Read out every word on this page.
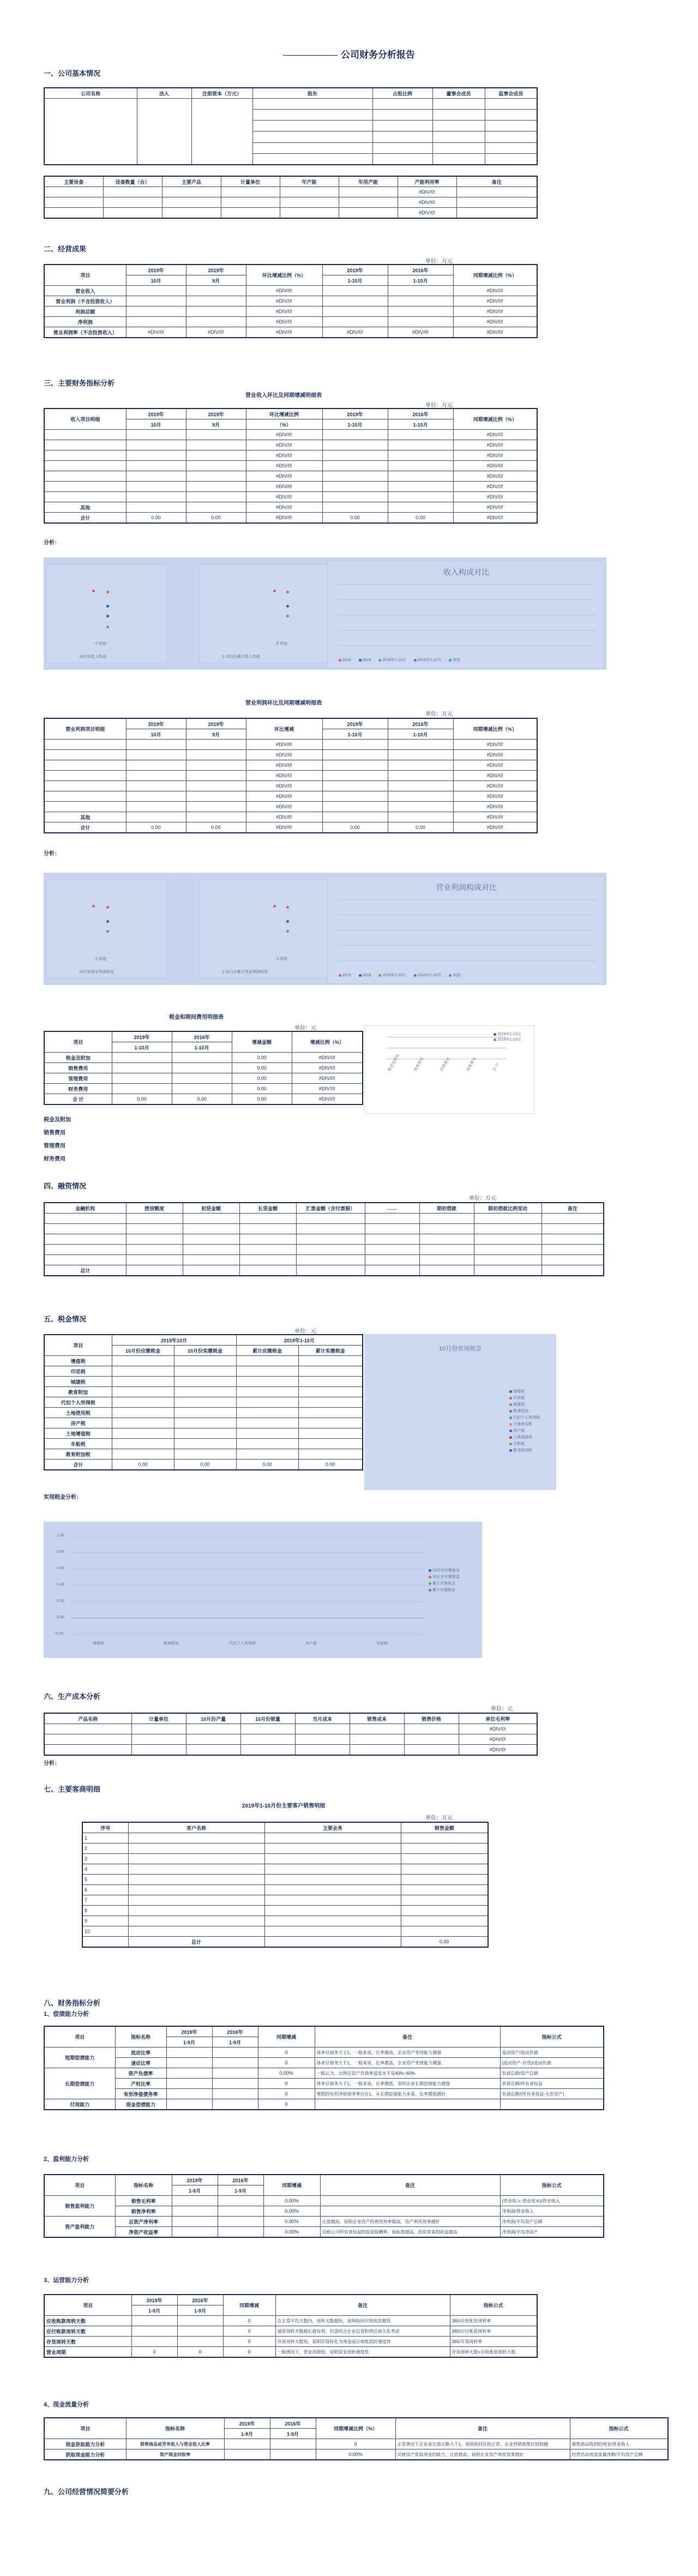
公司财务分析报告
一、公司基本情况
公司名称	法人	注册资本（万元）	股东	占股比例	董事会成员	监事会成员

主要设备	设备数量（台）	主要产品	计量单位	年产能	年用产能	产能利用率	备注
						#DIV/0!	
						#DIV/0!	
						#DIV/0!	
二、经营成果
单位：万元
项目	2019年	2019年	环比增减比例（%）	2019年	2016年	同期增减比例（%）
	10月	9月		1-10月	1-10月	
营业收入			#DIV/0!			#DIV/0!
营业利润（不含投资收入）			#DIV/0!			#DIV/0!
利润总额			#DIV/0!			#DIV/0!
净利润			#DIV/0!			#DIV/0!
营业利润率（不含投资收入）	#DIV/0!	#DIV/0!	#DIV/0!	#DIV/0!	#DIV/0!	#DIV/0!
三、主要财务指标分析
营业收入环比及同期增减明细表
单位：万元
收入项目明细	2019年	2019年	环比增减比例	2019年	2016年	同期增减比例（%）
	10月	9月	（%）	1-10月	1-10月	
			#DIV/0!			#DIV/0!
			#DIV/0!			#DIV/0!
			#DIV/0!			#DIV/0!
			#DIV/0!			#DIV/0!
			#DIV/0!			#DIV/0!
			#DIV/0!			#DIV/0!
			#DIV/0!			#DIV/0!
其他			#DIV/0!			#DIV/0!
合计	0.00	0.00	#DIV/0!	0.00	0.00	#DIV/0!
分析：
0 其他
10月份收入构成
0 其他
1-10月份累计收入构成
收入构成对比
2019	2019	2019年1-10月	2016年1-10月	其他
营业利润环比及同期增减明细表
单位：万元
营业利润项目明细	2019年	2019年	环比增减	2019年	2016年	同期增减比例（%）
	10月	9月		1-10月	1-10月	
			#DIV/0!			#DIV/0!
			#DIV/0!			#DIV/0!
			#DIV/0!			#DIV/0!
			#DIV/0!			#DIV/0!
			#DIV/0!			#DIV/0!
			#DIV/0!			#DIV/0!
			#DIV/0!			#DIV/0!
其他			#DIV/0!			#DIV/0!
合计	0.00	0.00	#DIV/0!	0.00	0.00	#DIV/0!
分析：
0 其他
10月份营业利润构成
0 其他
1-10月份累计营业利润构成
营业利润构成对比
2019	2019	2019年1-10月	2016年1-10月	其他
税金和期间费用明细表
单位：元
项目	2019年	2016年	增减金额	增减比例（%）
	1-10月	1-10月		
税金及附加			0.00	#DIV/0!
销售费用			0.00	#DIV/0!
管理费用			0.00	#DIV/0!
财务费用			0.00	#DIV/0!
合 计	0.00	0.00	0.00	#DIV/0!
2019年1-10月
2016年1-10月
税金及附加	销售费用	管理费用	财务费用	合 计
税金及附加
销售费用
管理费用
财务费用
四、融资情况
单位：万元
金融机构	授信额度	初贷金额	长贷金额	汇票金额（含付票据）	……	期初借款	期初借款比例变动	备注

总计								
五、税金情况
单位：元
项目	2019年10月		2019年1-10月	
	10月份应缴税金	10月份实缴税金	累计应缴税金	累计实缴税金
增值税				
印花税				
城建税				
教育附加				
代扣个人所得税				
土地使用税				
房产税				
土地增值税				
车船税				
教育附加税				
合计	0.00	0.00	0.00	0.00
10月份实现税金
增值税
印花税
城建税
教育附加
代扣个人所得税
土地使用税
房产税
土地增值税
车船税
教育附加税
实现税金分析：
1.00
0.80
0.60
0.40
0.20
0.00
-0.20
增值税	教育附加	代扣个人所得税	房产税	车船税
10月份应缴税金
10月份实缴税金
累计应缴税金
累计实缴税金
六、生产成本分析
单位：元
产品名称	计量单位	10月份产量	10月份销量	当月成本	销售成本	销售价格	单位毛利率
							#DIV/0!
							#DIV/0!
							#DIV/0!
分析：
七、主要客商明细
2019年1-10月份主要客户销售明细
单位：万元
序号	客户名称	主要业务	销售金额
1			
2			
3			
4			
5			
6			
7			
8			
9			
10			
	总计		0.00
八、财务指标分析
1、偿债能力分析
项目	指标名称	2019年	2016年	同期增减	备注	指标公式
		1-9月	1-9月			
短期偿债能力	流动比率			0	体单位债务大于1，一般来说，比率越高，企业资产变现能力越强	流动资产/流动负债
	速动比率			0	体单位债务大于1，一般来说，比率越高，企业资产变现能力越强	(流动资产-存货)/流动负债
长期偿债能力	资产负债率			0.00%	一般认为，比例在资产负债率适度水平是40%~60%	负债总额/资产总额
	产权比率			0	体单位债务大于1，一般来说，比率越低，表明企业长期偿债能力越强	负债总额/所有者权益
	有形净值债务率			0	理想的有形净值债务率应在1，从长期偿债能力来看，比率越低越好	负债总额/(所有者权益-无形资产)
付现能力	现金偿债能力			0		
2、盈利能力分析
项目	指标名称	2019年	2016年	同期增减	备注	指标公式
		1-9月	1-9月			
销售盈利能力	销售毛利率			0.00%		(营业收入-营业成本)/营业收入
	销售净利率			0.00%		净利润/营业收入
资产盈利能力	总资产净利率			0.00%	比值越高，说明企业资产的利用效率越高，资产利用效果越好	净利润/平均资产总额
	净资产收益率			0.00%	反映公司所有者权益的投资报酬率，指标值越高，投资带来的收益越高	净利润/平均净资产
3、运营能力分析
项目	2019年	2016年	同期增减	备注	指标公式
	1-9月	1-9月			
应收账款周转天数			0	在正常平均天数内，周转天数越短，说明收回应收账款越快	365/应收账款周转率
应付账款周转天数			0	通常周转天数越长越有利，但需结合企业信誉和供应商关系考虑	365/应付账款周转率
存货周转天数			0	存货周转天数短，说明存货转化为现金或应收账款的速度快	365/存货周转率
营业周期	0	0	0	一般情况下，营业周期短，说明资金周转速度快	存货周转天数+应收账款周转天数
4、现金流量分析
项目	指标名称	2019年	2016年	同期增减比例（%）	备注	指标公式
		1-9月	1-9月			
现金获取能力分析	销售商品或劳务收入与营业收入比率			0	正常情况下企业该比值应略大于1，说明收回比较正常，企业营销政策比较稳健	销售商品收到的现金/营业收入
获取现金能力分析	资产现金回收率			0.00%	反映资产获取现金的能力，比值越高，说明企业资产利用效果越好	经营活动现金流量净额/平均资产总额
九、公司经营情况简要分析
